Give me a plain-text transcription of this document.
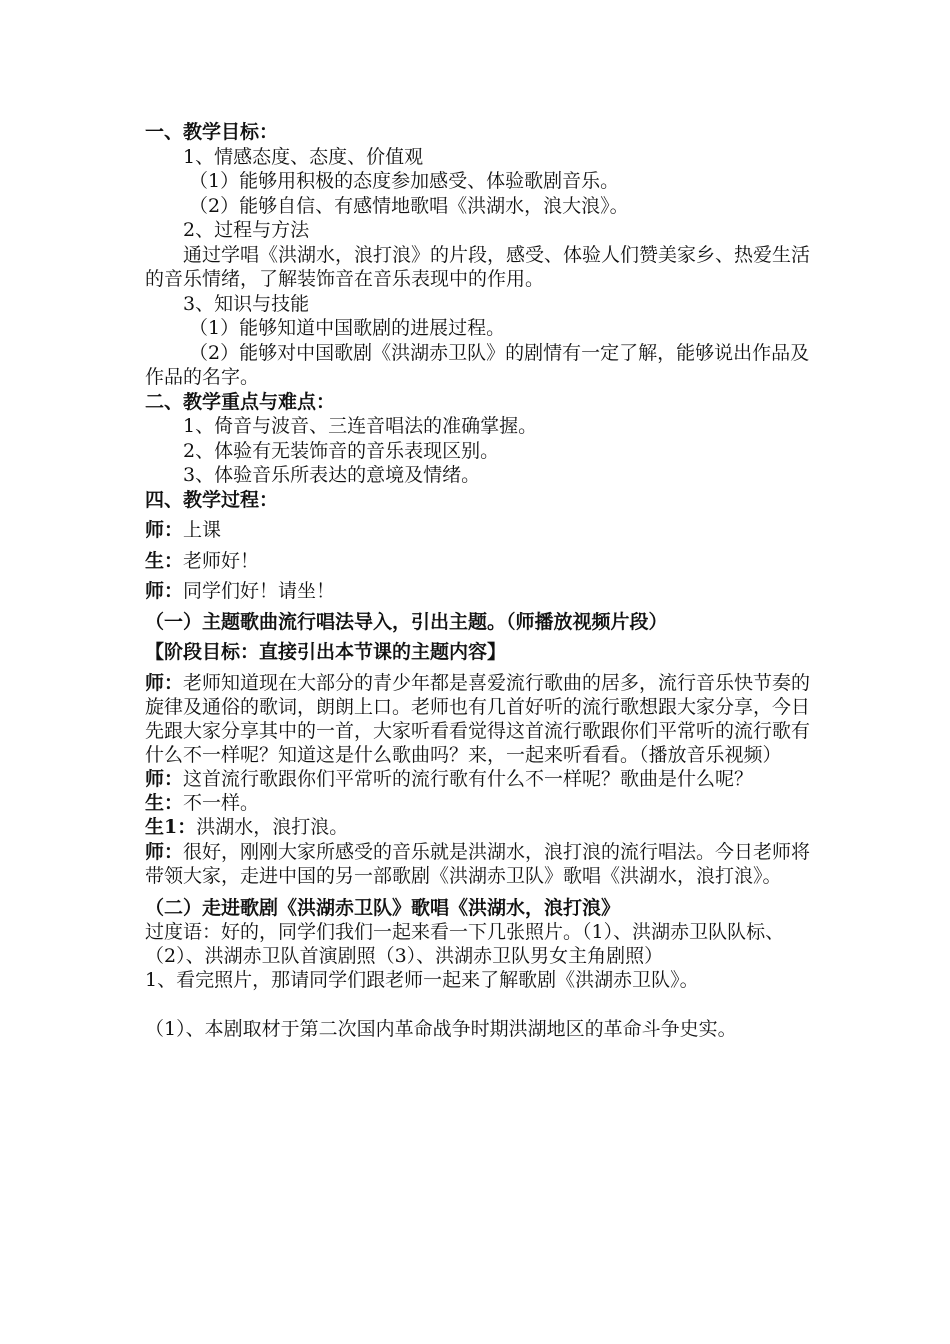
一、教学目标：

1、情感态度、态度、价值观

（1）能够用积极的态度参加感受、体验歌剧音乐。

（2）能够自信、有感情地歌唱《洪湖水，浪大浪》。

2、过程与方法

通过学唱《洪湖水，浪打浪》的片段，感受、体验人们赞美家乡、热爱生活的音乐情绪，了解装饰音在音乐表现中的作用。

3、知识与技能

（1）能够知道中国歌剧的进展过程。

（2）能够对中国歌剧《洪湖赤卫队》的剧情有一定了解，能够说出作品及作品的名字。

二、教学重点与难点：

1、倚音与波音、三连音唱法的准确掌握。

2、体验有无装饰音的音乐表现区别。

3、体验音乐所表达的意境及情绪。

四、教学过程：

师：上课

生：老师好！

师：同学们好！请坐！

（一）主题歌曲流行唱法导入，引出主题。（师播放视频片段）

【阶段目标：直接引出本节课的主题内容】

师：老师知道现在大部分的青少年都是喜爱流行歌曲的居多，流行音乐快节奏的旋律及通俗的歌词，朗朗上口。老师也有几首好听的流行歌想跟大家分享，今日先跟大家分享其中的一首，大家听看看觉得这首流行歌跟你们平常听的流行歌有什么不一样呢？知道这是什么歌曲吗？来，一起来听看看。（播放音乐视频）

师：这首流行歌跟你们平常听的流行歌有什么不一样呢？歌曲是什么呢？

生：不一样。

生1：洪湖水，浪打浪。

师：很好，刚刚大家所感受的音乐就是洪湖水，浪打浪的流行唱法。今日老师将带领大家，走进中国的另一部歌剧《洪湖赤卫队》歌唱《洪湖水，浪打浪》。

（二）走进歌剧《洪湖赤卫队》歌唱《洪湖水，浪打浪》

过度语：好的，同学们我们一起来看一下几张照片。（1）、洪湖赤卫队队标、（2）、洪湖赤卫队首演剧照（3）、洪湖赤卫队男女主角剧照）

1、看完照片，那请同学们跟老师一起来了解歌剧《洪湖赤卫队》。

（1）、本剧取材于第二次国内革命战争时期洪湖地区的革命斗争史实。
